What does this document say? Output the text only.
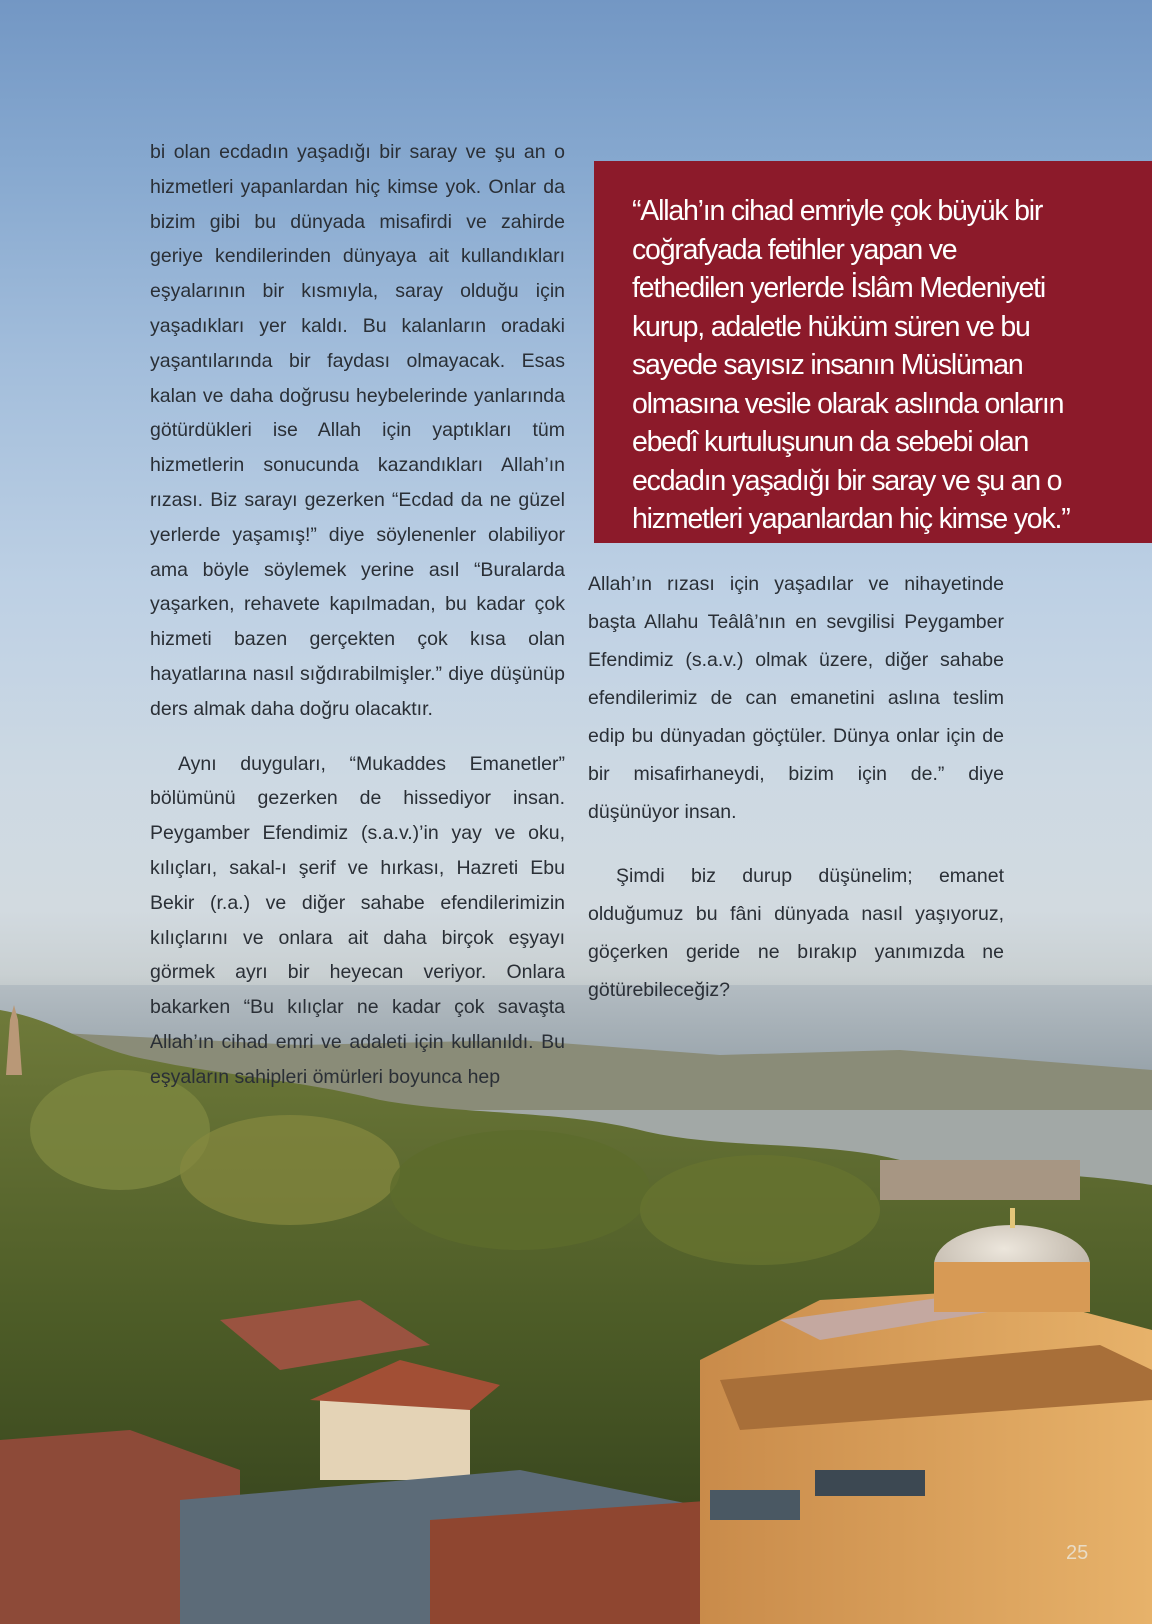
bi olan ecdadın yaşadığı bir saray ve şu an o hizmetleri yapanlardan hiç kimse yok. Onlar da bizim gibi bu dünyada misafirdi ve zahirde geriye kendilerinden dünyaya ait kullandıkları eşyalarının bir kısmıyla, saray olduğu için yaşadıkları yer kaldı. Bu kalanların oradaki yaşantılarında bir faydası olmayacak. Esas kalan ve daha doğrusu heybelerinde yanlarında götürdükleri ise Allah için yaptıkları tüm hizmetlerin sonucunda kazandıkları Allah’ın rızası. Biz sarayı gezerken “Ecdad da ne güzel yerlerde yaşamış!” diye söylenenler olabiliyor ama böyle söylemek yerine asıl “Buralarda yaşarken, rehavete kapılmadan, bu kadar çok hizmeti bazen gerçekten çok kısa olan hayatlarına nasıl sığdırabilmişler.” diye düşünüp ders almak daha doğru olacaktır.

Aynı duyguları, “Mukaddes Emanetler” bölümünü gezerken de hissediyor insan. Peygamber Efendimiz (s.a.v.)’in yay ve oku, kılıçları, sakal-ı şerif ve hırkası, Hazreti Ebu Bekir (r.a.) ve diğer sahabe efendilerimizin kılıçlarını ve onlara ait daha birçok eşyayı görmek ayrı bir heyecan veriyor. Onlara bakarken “Bu kılıçlar ne kadar çok savaşta Allah’ın cihad emri ve adaleti için kullanıldı. Bu eşyaların sahipleri ömürleri boyunca hep

“Allah’ın cihad emriyle çok büyük bir coğrafyada fetihler yapan ve fethedilen yerlerde İslâm Medeniyeti kurup, adaletle hüküm süren ve bu sayede sayısız insanın Müslüman olmasına vesile olarak aslında onların ebedî kurtuluşunun da sebebi olan ecdadın yaşadığı bir saray ve şu an o hizmetleri yapanlardan hiç kimse yok.”

Allah’ın rızası için yaşadılar ve nihayetinde başta Allahu Teâlâ’nın en sevgilisi Peygamber Efendimiz (s.a.v.) olmak üzere, diğer sahabe efendilerimiz de can emanetini aslına teslim edip bu dünyadan göçtüler. Dünya onlar için de bir misafirhaneydi, bizim için de.” diye düşünüyor insan.

Şimdi biz durup düşünelim; emanet olduğumuz bu fâni dünyada nasıl yaşıyoruz, göçerken geride ne bırakıp yanımızda ne götürebileceğiz?

25
